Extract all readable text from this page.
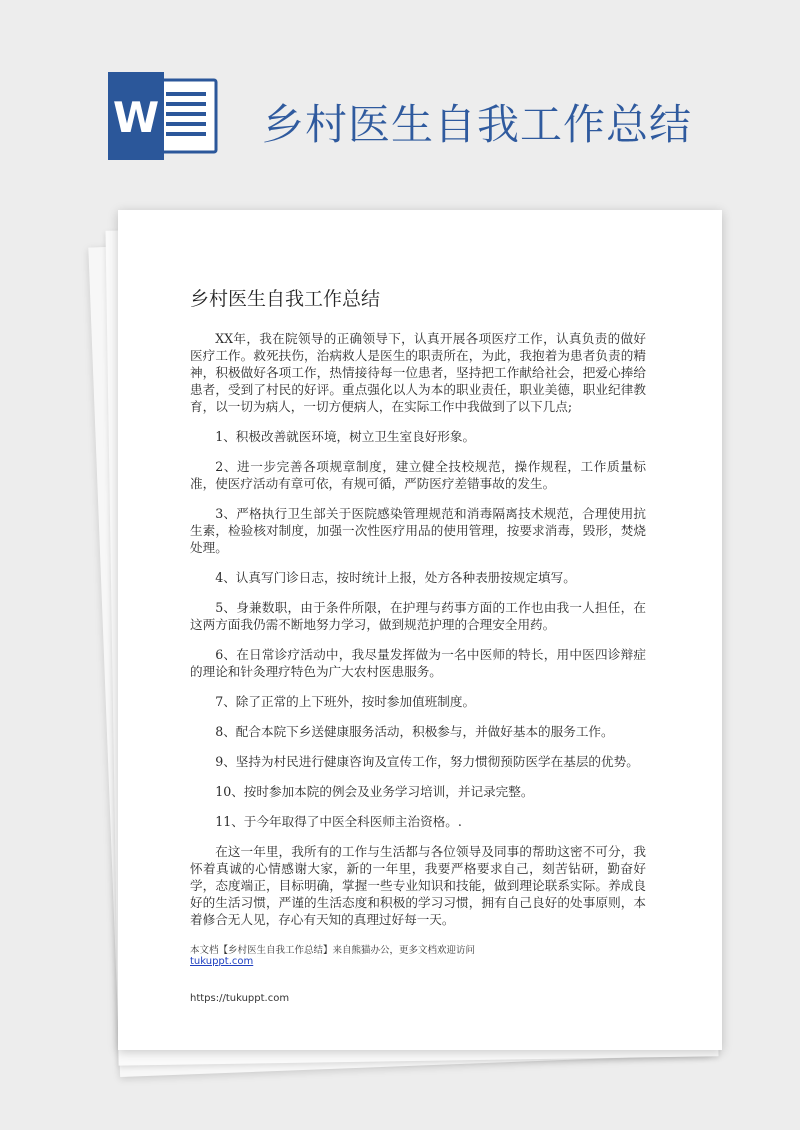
W 乡村医生自我工作总结
乡村医生自我工作总结

XX年，我在院领导的正确领导下，认真开展各项医疗工作，认真负责的做好医疗工作。救死扶伤，治病救人是医生的职责所在，为此，我抱着为患者负责的精神，积极做好各项工作，热情接待每一位患者，坚持把工作献给社会，把爱心捧给患者，受到了村民的好评。重点强化以人为本的职业责任，职业美德，职业纪律教育，以一切为病人，一切方便病人，在实际工作中我做到了以下几点;

1、积极改善就医环境，树立卫生室良好形象。

2、进一步完善各项规章制度，建立健全技校规范，操作规程，工作质量标准，使医疗活动有章可依，有规可循，严防医疗差错事故的发生。

3、严格执行卫生部关于医院感染管理规范和消毒隔离技术规范，合理使用抗生素，检验核对制度，加强一次性医疗用品的使用管理，按要求消毒，毁形，焚烧处理。

4、认真写门诊日志，按时统计上报，处方各种表册按规定填写。

5、身兼数职，由于条件所限，在护理与药事方面的工作也由我一人担任，在这两方面我仍需不断地努力学习，做到规范护理的合理安全用药。

6、在日常诊疗活动中，我尽量发挥做为一名中医师的特长，用中医四诊辩症的理论和针灸理疗特色为广大农村医患服务。

7、除了正常的上下班外，按时参加值班制度。

8、配合本院下乡送健康服务活动，积极参与，并做好基本的服务工作。

9、坚持为村民进行健康咨询及宣传工作，努力惯彻预防医学在基层的优势。

10、按时参加本院的例会及业务学习培训，并记录完整。

11、于今年取得了中医全科医师主治资格。.

在这一年里，我所有的工作与生活都与各位领导及同事的帮助这密不可分，我怀着真诚的心情感谢大家，新的一年里，我要严格要求自己，刻苦钻研，勤奋好学，态度端正，目标明确，掌握一些专业知识和技能，做到理论联系实际。养成良好的生活习惯，严谨的生活态度和积极的学习习惯，拥有自己良好的处事原则，本着修合无人见，存心有天知的真理过好每一天。

本文档【乡村医生自我工作总结】来自熊猫办公，更多文档欢迎访问
tukuppt.com
https://tukuppt.com
